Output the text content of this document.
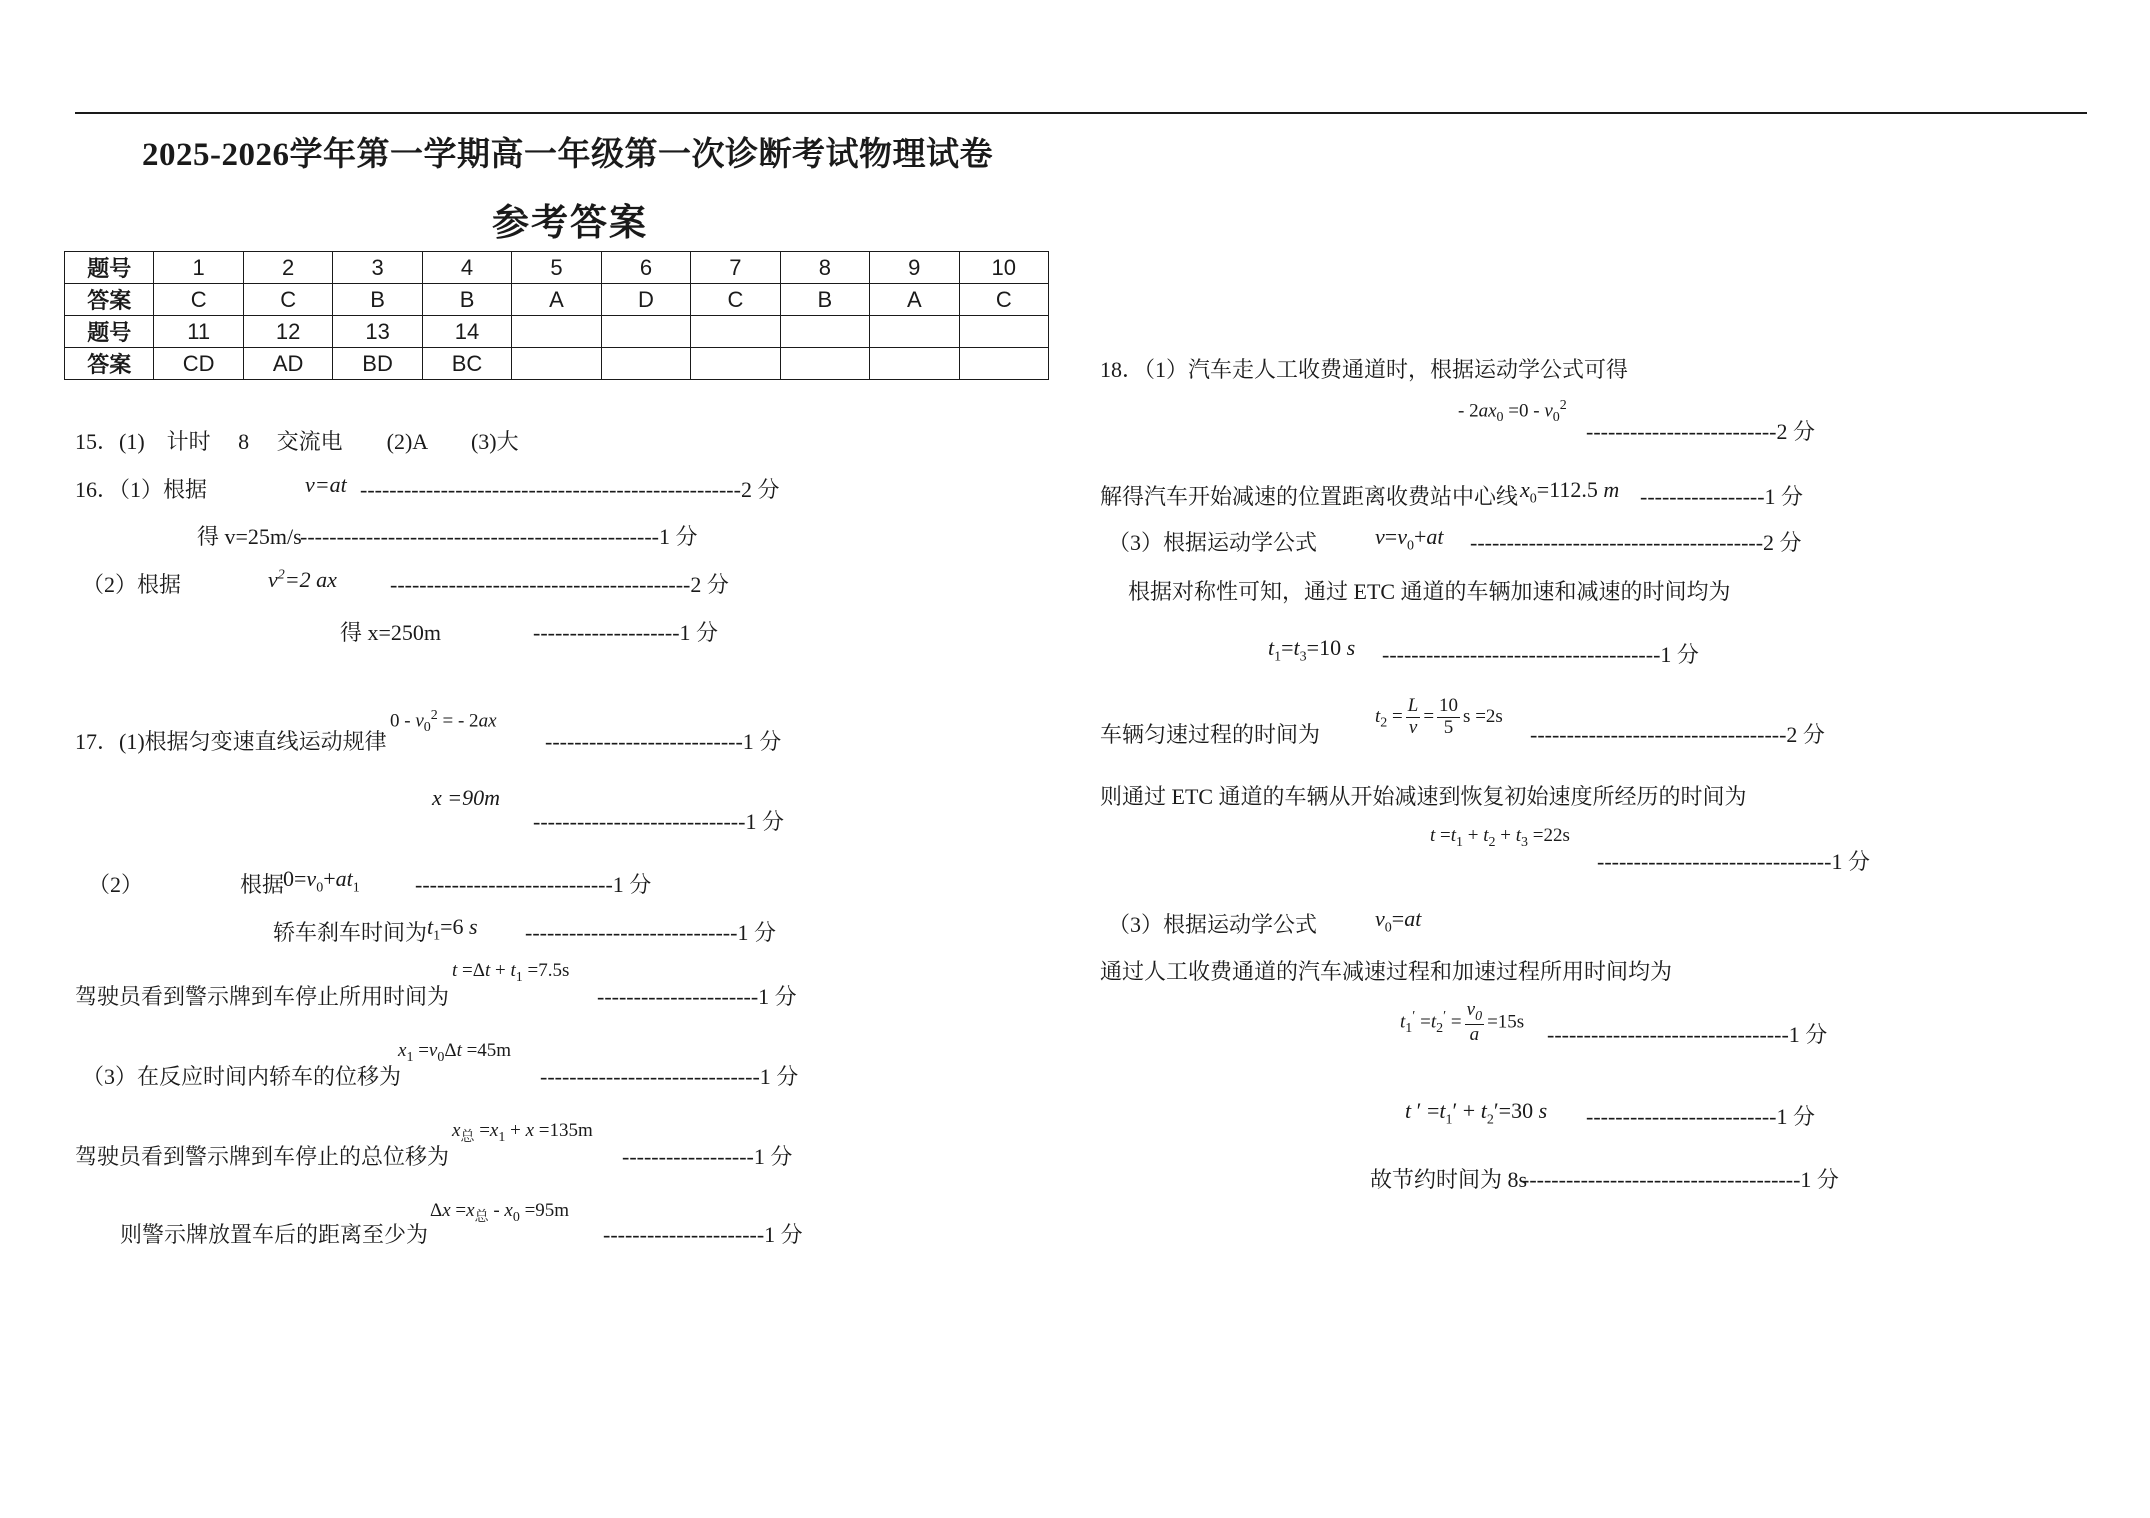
2025-2026学年第一学期高一年级第一次诊断考试物理试卷
参考答案
题号	1	2	3	4	5	6	7	8	9	10
答案	C	C	B	B	A	D	C	B	A	C
题号	11	12	13	14						
答案	CD	AD	BD	BC						
15．(1)　计时　 8　 交流电　　(2)A　　(3)大
16．（1）根据	v=at ----------------------------------------------------2 分
得 v=25m/s
-------------------------------------------------1 分
（2）根据	$v^2=2$ ax -----------------------------------------2 分
得 x=250m	--------------------1 分
17．(1)根据匀变速直线运动规律
$0 - v_0^2$ = - 2ax
---------------------------1 分
x =90m
-----------------------------1 分
（2）	根据
$0=v_0+at_1$	---------------------------1 分
轿车刹车时间为 $t_1=6$ s -----------------------------1 分
驾驶员看到警示牌到车停止所用时间为
$t =\Delta t + t_1 =7.5s$
----------------------1 分
（3）在反应时间内轿车的位移为
$x_1 =v_0\Delta t =45m$
------------------------------1 分
驾驶员看到警示牌到车停止的总位移为
$x_总 =x_1 + x =135m$
------------------1 分
则警示牌放置车后的距离至少为
$\Delta x =x_总 - x_0 =95m$
----------------------1 分
18．（1）汽车走人工收费通道时，根据运动学公式可得
- $2ax_0 =0 - v_0^2$
--------------------------2 分
解得汽车开始减速的位置距离收费站中心线 $x_0=112.5$ m -----------------1 分
（3）根据运动学公式	$v=v_0+at$ ----------------------------------------2 分
根据对称性可知，通过 ETC 通道的车辆加速和减速的时间均为
$t_1=t_3=10$ s --------------------------------------1 分
车辆匀速过程的时间为
$t_2 = \frac{L}{v} = \frac{10}{5}$ s =2s
-----------------------------------2 分
则通过 ETC 通道的车辆从开始减速到恢复初始速度所经历的时间为
$t =t_1 + t_2 + t_3 =22s$
--------------------------------1 分
（3）根据运动学公式	$v_0=at$
通过人工收费通道的汽车减速过程和加速过程所用时间均为
$t_1' =t_2' = \frac{v_0}{a} =15s$
---------------------------------1 分
t ′ $=t_1' + t_2'=30$ s --------------------------1 分
故节约时间为 8s
--------------------------------------1 分
